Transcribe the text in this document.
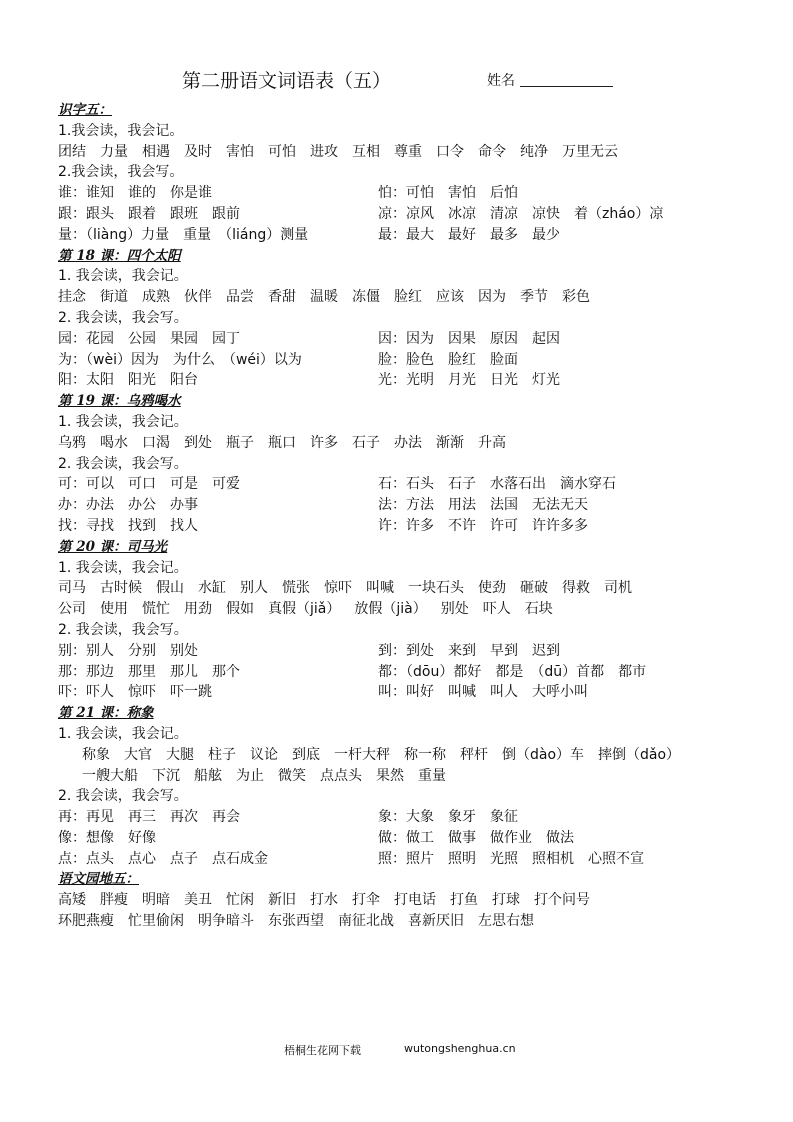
第二册语文词语表（五）	姓名
识字五：
1.我会读，我会记。
团结 力量 相遇 及时 害怕 可怕 进攻 互相 尊重 口令 命令 纯净 万里无云
2.我会读，我会写。
谁：谁知　谁的　你是谁	怕：可怕　害怕　后怕
跟：跟头　跟着　跟班　跟前	凉：凉风　冰凉　清凉　凉快　着（zháo）凉
量：（liàng）力量　重量　（liáng）测量	最：最大　最好　最多　最少
第 18 课：四个太阳
1. 我会读，我会记。
挂念 街道 成熟 伙伴 品尝 香甜 温暖 冻僵 脸红 应该 因为 季节 彩色
2. 我会读，我会写。
园：花园　公园　果园　园丁	因：因为　因果　原因　起因
为：（wèi）因为　为什么　（wéi）以为	脸：脸色　脸红　脸面
阳：太阳　阳光　阳台	光：光明　月光　日光　灯光
第 19 课：乌鸦喝水
1. 我会读，我会记。
乌鸦 喝水 口渴 到处 瓶子 瓶口 许多 石子 办法 渐渐 升高
2. 我会读，我会写。
可：可以　可口　可是　可爱	石：石头　石子　水落石出　滴水穿石
办：办法　办公　办事	法：方法　用法　法国　无法无天
找：寻找　找到　找人	许：许多　不许　许可　许许多多
第 20 课：司马光
1. 我会读，我会记。
司马 古时候 假山 水缸 别人 慌张 惊吓 叫喊 一块石头 使劲 砸破 得救 司机
公司 使用 慌忙 用劲 假如 真假（jiǎ） 放假（jià） 别处 吓人 石块
2. 我会读，我会写。
别：别人　分别　别处	到：到处　来到　早到　迟到
那：那边　那里　那儿　那个	都：（dōu）都好　都是　（dū）首都　都市
吓：吓人　惊吓　吓一跳	叫：叫好　叫喊　叫人　大呼小叫
第 21 课：称象
1. 我会读，我会记。
称象 大官 大腿 柱子 议论 到底 一杆大秤 称一称 秤杆 倒（dào）车 摔倒（dǎo）
一艘大船 下沉 船舷 为止 微笑 点点头 果然 重量
2. 我会读，我会写。
再：再见　再三　再次　再会	象：大象　象牙　象征
像：想像　好像	做：做工　做事　做作业　做法
点：点头　点心　点子　点石成金	照：照片　照明　光照　照相机　心照不宣
语文园地五：
高矮 胖瘦 明暗 美丑 忙闲 新旧 打水 打伞 打电话 打鱼 打球 打个问号
环肥燕瘦 忙里偷闲 明争暗斗 东张西望 南征北战 喜新厌旧 左思右想
梧桐生花网下载	wutongshenghua.cn
